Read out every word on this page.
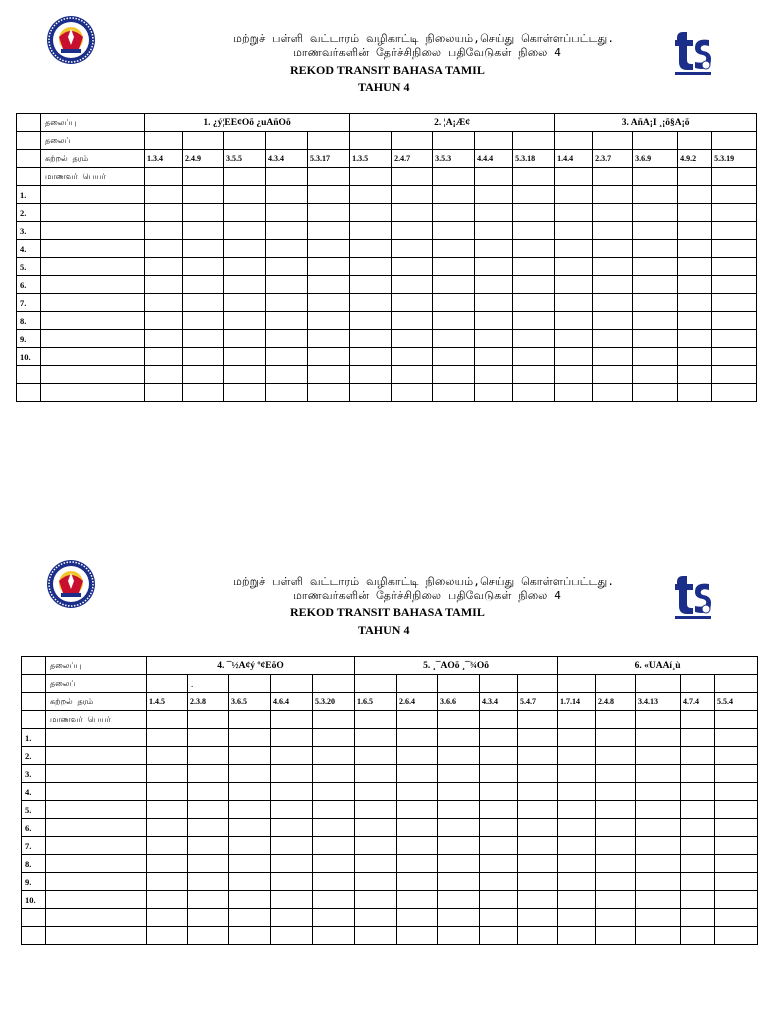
மற்றுச் பள்ளி வட்டாரம் வழிகாட்டி நிலையம்,செய்து கொள்ளப்பட்டது.
மாணவர்களின் தேர்ச்சிநிலை பதிவேடுகள் நிலை 4
REKOD TRANSIT BAHASA TAMIL
TAHUN 4
	தலைப்பு	1. ¿ý¦EE¢Oõ ¿uAñOõ					2. ¦A¡Æ¢					3. AñA¡I ¸¡õ§A¡õ				
	தலைப்															
	கற்றல் தரம்	1.3.4	2.4.9	3.5.5	4.3.4	5.3.17	1.3.5	2.4.7	3.5.3	4.4.4	5.3.18	1.4.4	2.3.7	3.6.9	4.9.2	5.3.19
	மாணவர் பெயர்															
1.																
2.																
3.																
4.																
5.																
6.																
7.																
8.																
9.																
10.																

மற்றுச் பள்ளி வட்டாரம் வழிகாட்டி நிலையம்,செய்து கொள்ளப்பட்டது.
மாணவர்களின் தேர்ச்சிநிலை பதிவேடுகள் நிலை 4
REKOD TRANSIT BAHASA TAMIL
TAHUN 4
	தலைப்பு	4. ¯½A¢ý º¢EõO					5. ¸¯AOõ ¸¯¾Oõ					6. «UAAí¸ù				
	தலைப்		.													
	கற்றல் தரம்	1.4.5	2.3.8	3.6.5	4.6.4	5.3.20	1.6.5	2.6.4	3.6.6	4.3.4	5.4.7	1.7.14	2.4.8	3.4.13	4.7.4	5.5.4
	மாணவர் பெயர்															
1.																
2.																
3.																
4.																
5.																
6.																
7.																
8.																
9.																
10.																
